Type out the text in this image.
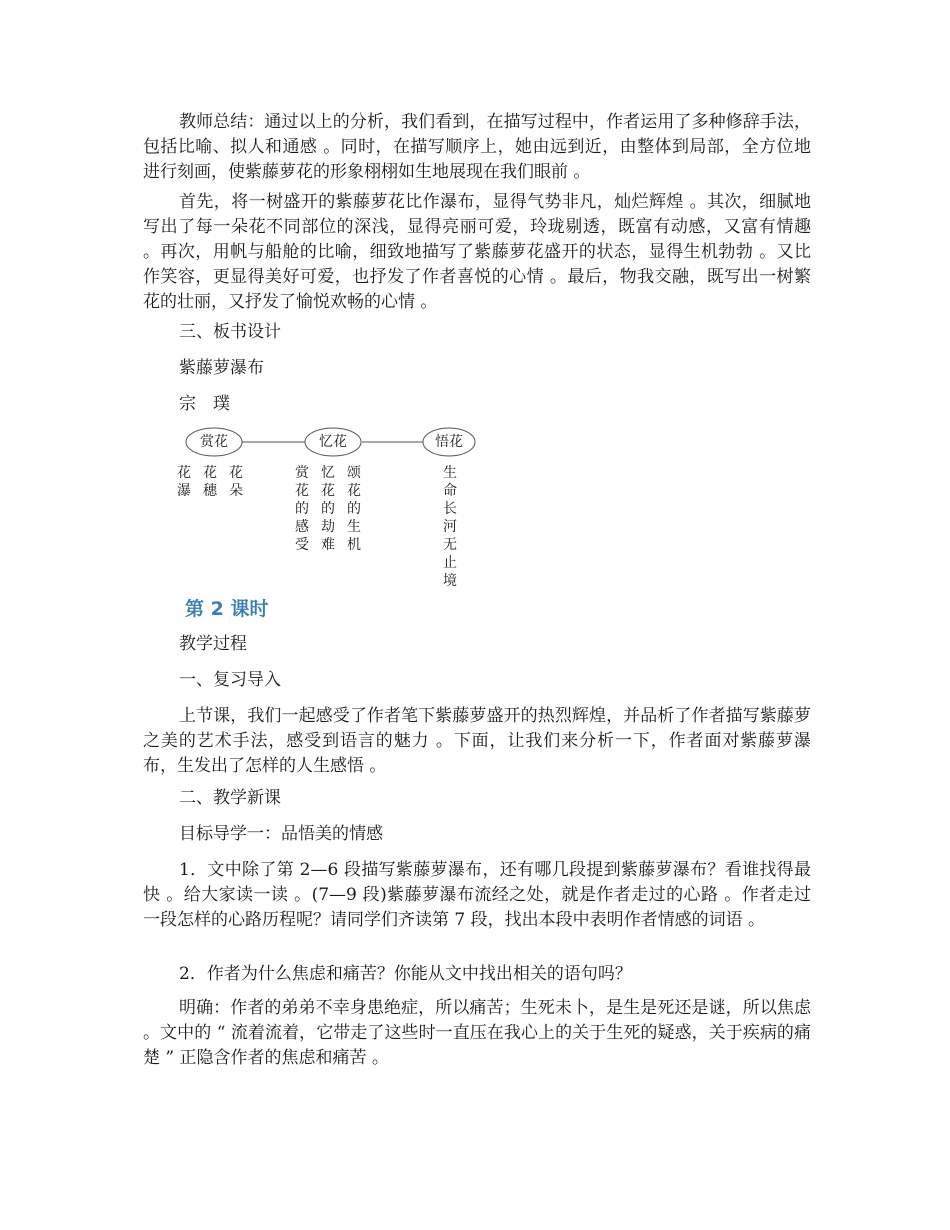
教师总结：通过以上的分析，我们看到，在描写过程中，作者运用了多种修辞手法，包括比喻、拟人和通感 。同时，在描写顺序上，她由远到近，由整体到局部，全方位地进行刻画，使紫藤萝花的形象栩栩如生地展现在我们眼前 。

首先，将一树盛开的紫藤萝花比作瀑布，显得气势非凡，灿烂辉煌 。其次，细腻地写出了每一朵花不同部位的深浅，显得亮丽可爱，玲珑剔透，既富有动感，又富有情趣 。再次，用帆与船舱的比喻，细致地描写了紫藤萝花盛开的状态，显得生机勃勃 。又比作笑容，更显得美好可爱，也抒发了作者喜悦的心情 。最后，物我交融，既写出一树繁花的壮丽，又抒发了愉悦欢畅的心情 。

三、板书设计

紫藤萝瀑布

宗　璞

赏花	忆花	悟花
花瀑
花穗
花朵
赏花的感受
忆花的劫难
颂花的生机
生命长河无止境

第 2 课时

教学过程

一、复习导入

上节课，我们一起感受了作者笔下紫藤萝盛开的热烈辉煌，并品析了作者描写紫藤萝之美的艺术手法，感受到语言的魅力 。下面，让我们来分析一下，作者面对紫藤萝瀑布，生发出了怎样的人生感悟 。

二、教学新课

目标导学一：品悟美的情感

1．文中除了第 2—6 段描写紫藤萝瀑布，还有哪几段提到紫藤萝瀑布？看谁找得最快 。给大家读一读 。(7—9 段)紫藤萝瀑布流经之处，就是作者走过的心路 。作者走过一段怎样的心路历程呢？请同学们齐读第 7 段，找出本段中表明作者情感的词语 。

2．作者为什么焦虑和痛苦？你能从文中找出相关的语句吗？

明确：作者的弟弟不幸身患绝症，所以痛苦；生死未卜，是生是死还是谜，所以焦虑 。文中的 “ 流着流着，它带走了这些时一直压在我心上的关于生死的疑惑，关于疾病的痛楚 ” 正隐含作者的焦虑和痛苦 。
